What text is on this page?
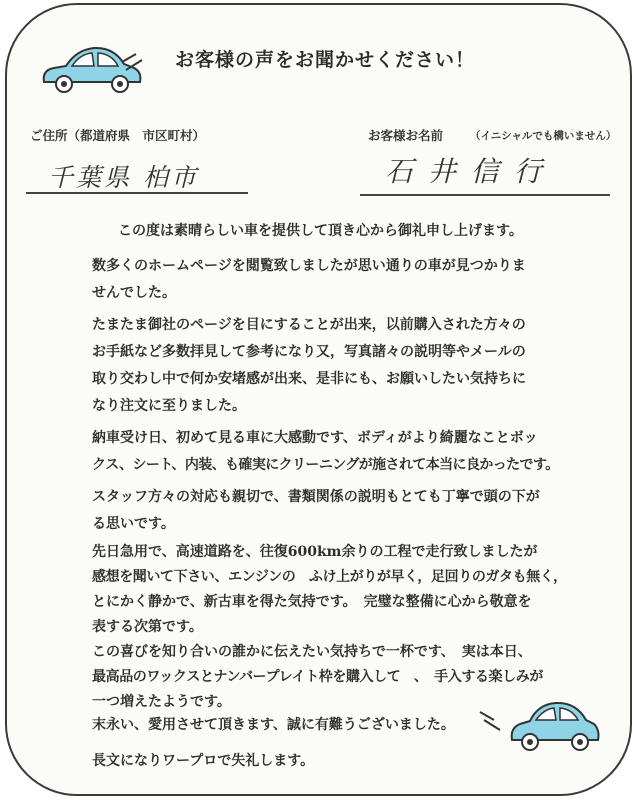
お客様の声をお聞かせください！
ご住所（都道府県　市区町村）	お客様お名前	（イニシャルでも構いません）
千葉県 柏市	石 井 信 行
この度は素晴らしい車を提供して頂き心から御礼申し上げます。
数多くのホームページを閲覧致しましたが思い通りの車が見つかりま
せんでした。
たまたま御社のページを目にすることが出来，以前購入された方々の
お手紙など多数拝見して参考になり又，写真諸々の説明等やメールの
取り交わし中で何か安堵感が出来、是非にも、お願いしたい気持ちに
なり注文に至りました。
納車受け日、初めて見る車に大感動です、ボディがより綺麗なことボッ
クス、シート、内装、も確実にクリーニングが施されて本当に良かったです。
スタッフ方々の対応も親切で、書類関係の説明もとても丁寧で頭の下が
る思いです。
先日急用で、高速道路を、往復600km余りの工程で走行致しましたが
感想を聞いて下さい、エンジンの　ふけ上がりが早く，足回りのガタも無く，
とにかく静かで、新古車を得た気持です。　完璧な整備に心から敬意を
表する次第です。
この喜びを知り合いの誰かに伝えたい気持ちで一杯です、　実は本日、
最高品のワックスとナンバープレイト枠を購入して　、　手入する楽しみが
一つ増えたようです。
末永い、愛用させて頂きます、誠に有難うございました。
長文になりワープロで失礼します。
